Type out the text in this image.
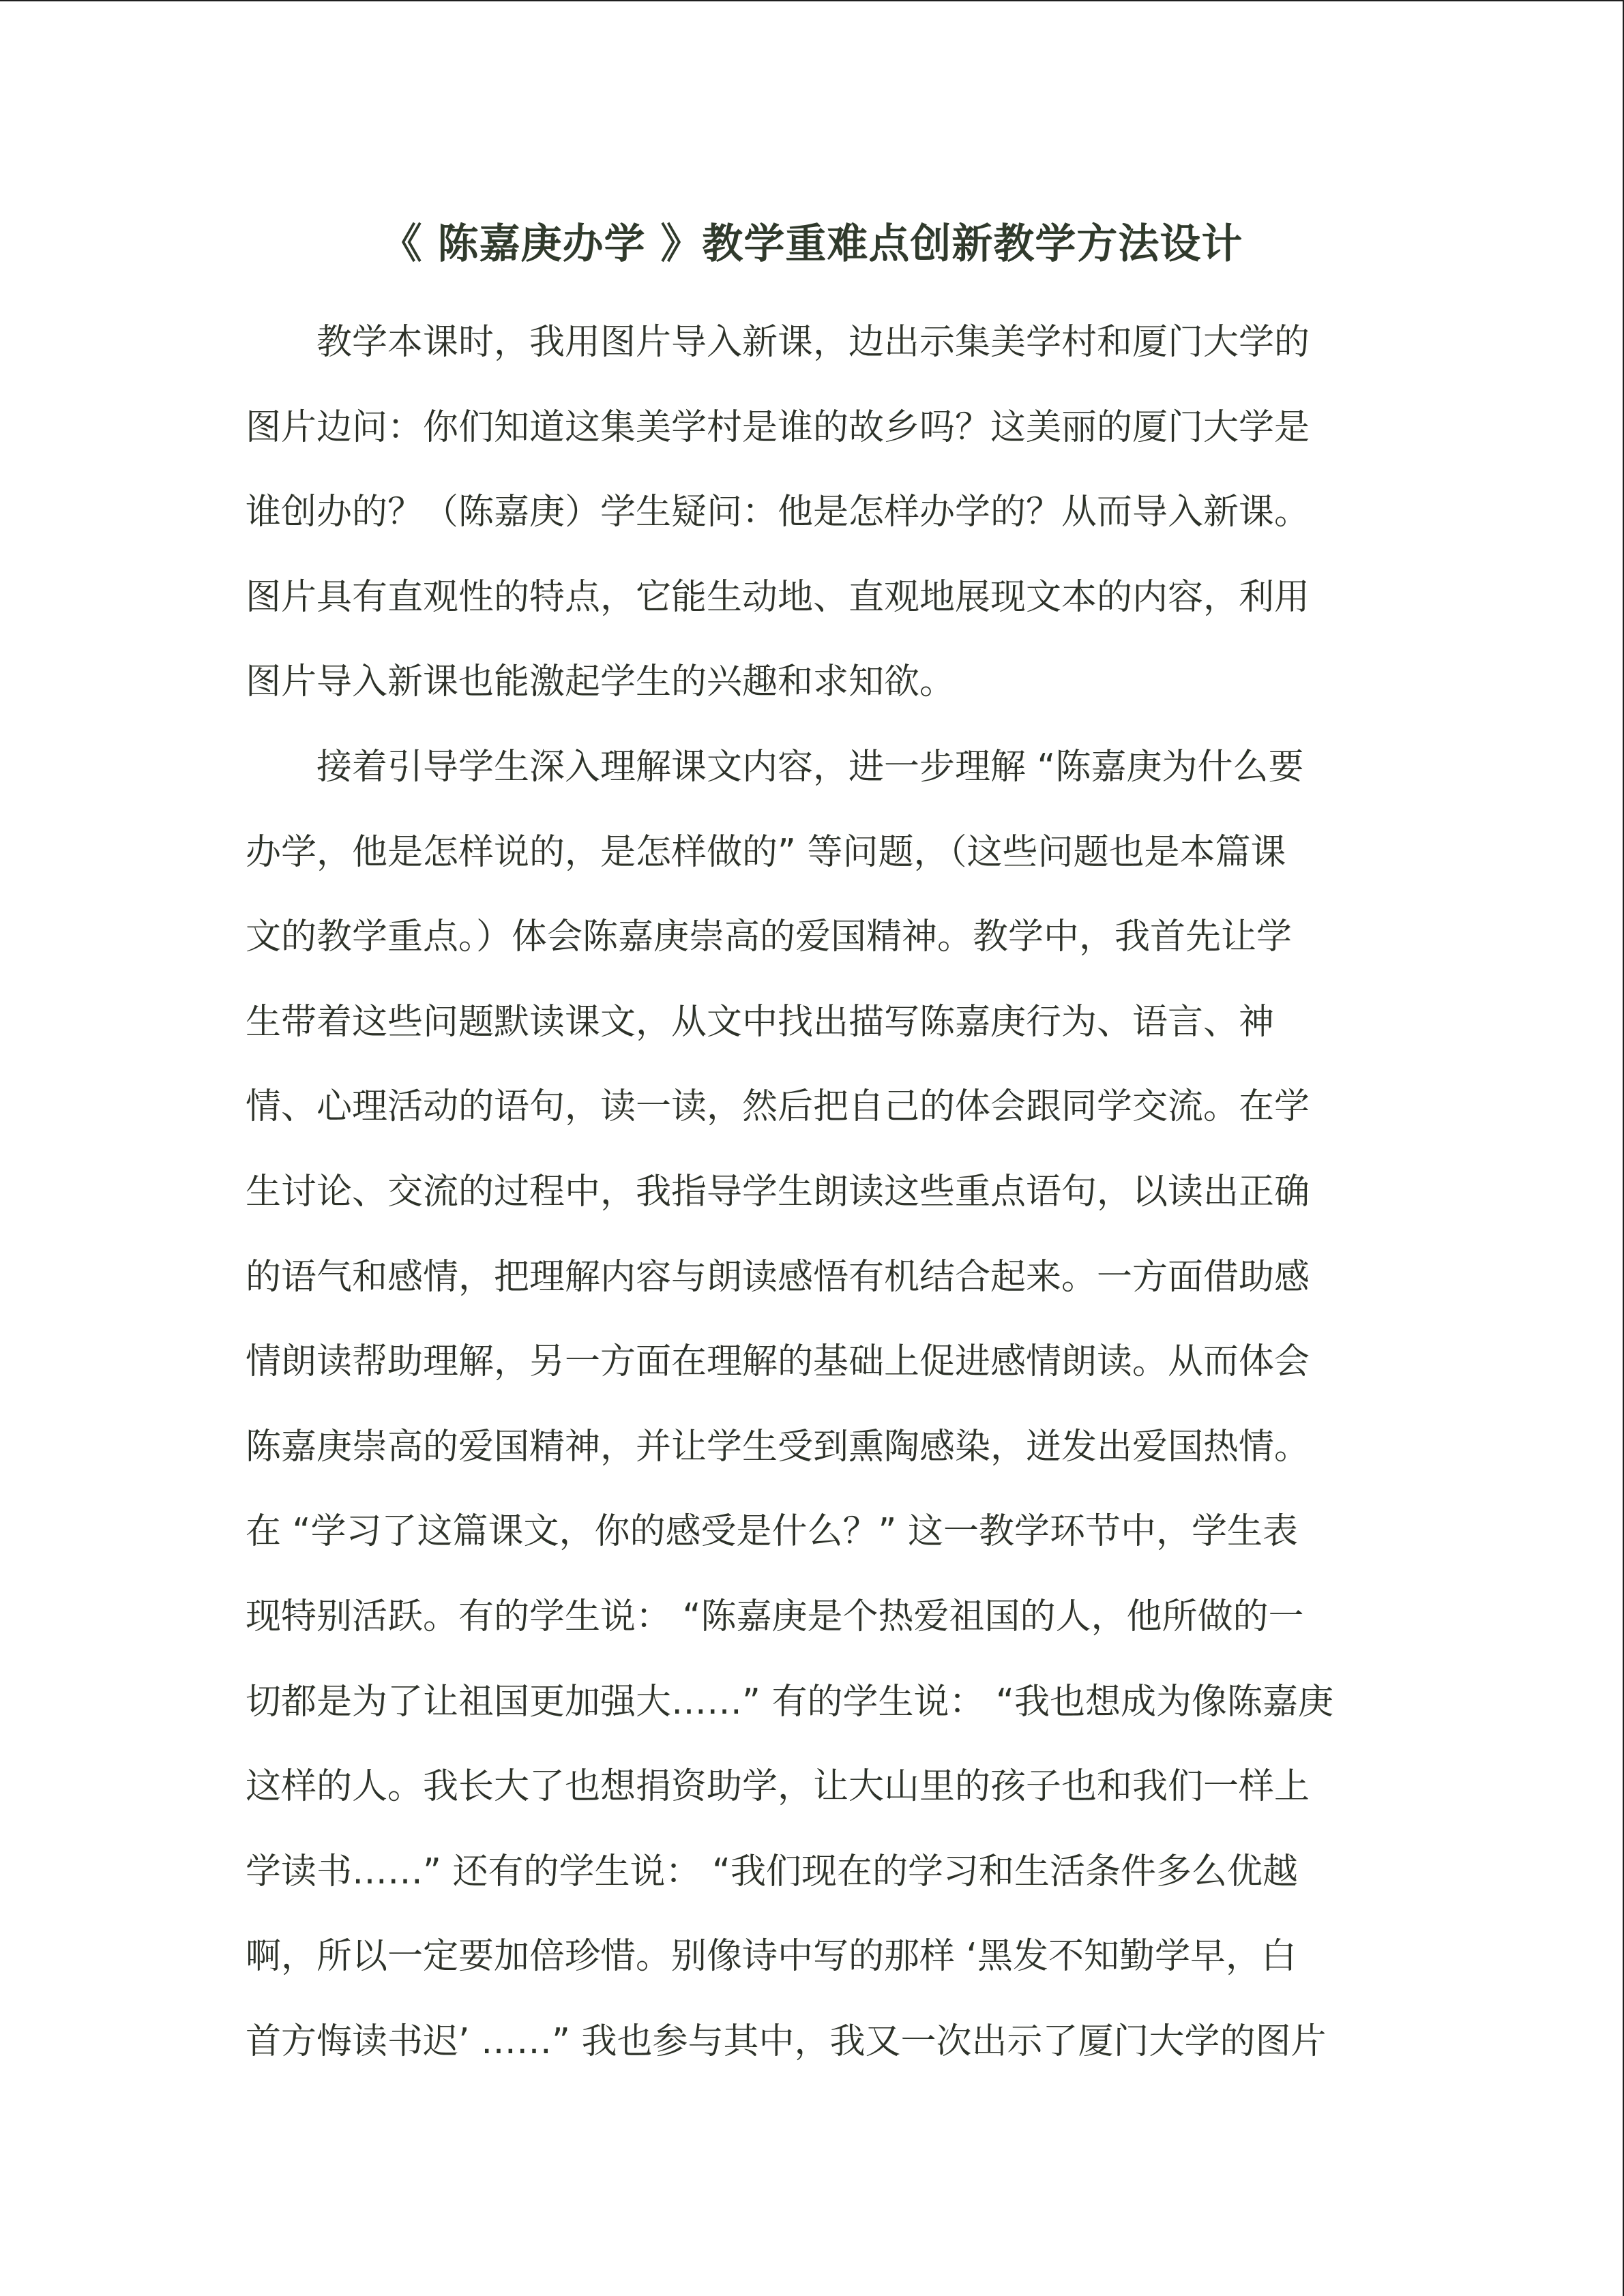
《 陈嘉庚办学 》教学重难点创新教学方法设计
教学本课时，我用图片导入新课，边出示集美学村和厦门大学的
图片边问：你们知道这集美学村是谁的故乡吗？这美丽的厦门大学是
谁创办的？（陈嘉庚）学生疑问：他是怎样办学的？从而导入新课。
图片具有直观性的特点，它能生动地、直观地展现文本的内容，利用
图片导入新课也能激起学生的兴趣和求知欲。
接着引导学生深入理解课文内容，进一步理解 “陈嘉庚为什么要
办学，他是怎样说的，是怎样做的” 等问题，（这些问题也是本篇课
文的教学重点。）体会陈嘉庚崇高的爱国精神。教学中，我首先让学
生带着这些问题默读课文，从文中找出描写陈嘉庚行为、语言、神
情、心理活动的语句，读一读，然后把自己的体会跟同学交流。在学
生讨论、交流的过程中，我指导学生朗读这些重点语句，以读出正确
的语气和感情，把理解内容与朗读感悟有机结合起来。一方面借助感
情朗读帮助理解，另一方面在理解的基础上促进感情朗读。从而体会
陈嘉庚崇高的爱国精神，并让学生受到熏陶感染，迸发出爱国热情。
在 “学习了这篇课文，你的感受是什么？” 这一教学环节中，学生表
现特别活跃。有的学生说： “陈嘉庚是个热爱祖国的人，他所做的一
切都是为了让祖国更加强大……” 有的学生说： “我也想成为像陈嘉庚
这样的人。我长大了也想捐资助学，让大山里的孩子也和我们一样上
学读书……” 还有的学生说： “我们现在的学习和生活条件多么优越
啊，所以一定要加倍珍惜。别像诗中写的那样 ‘黑发不知勤学早，白
首方悔读书迟’ ……” 我也参与其中，我又一次出示了厦门大学的图片
